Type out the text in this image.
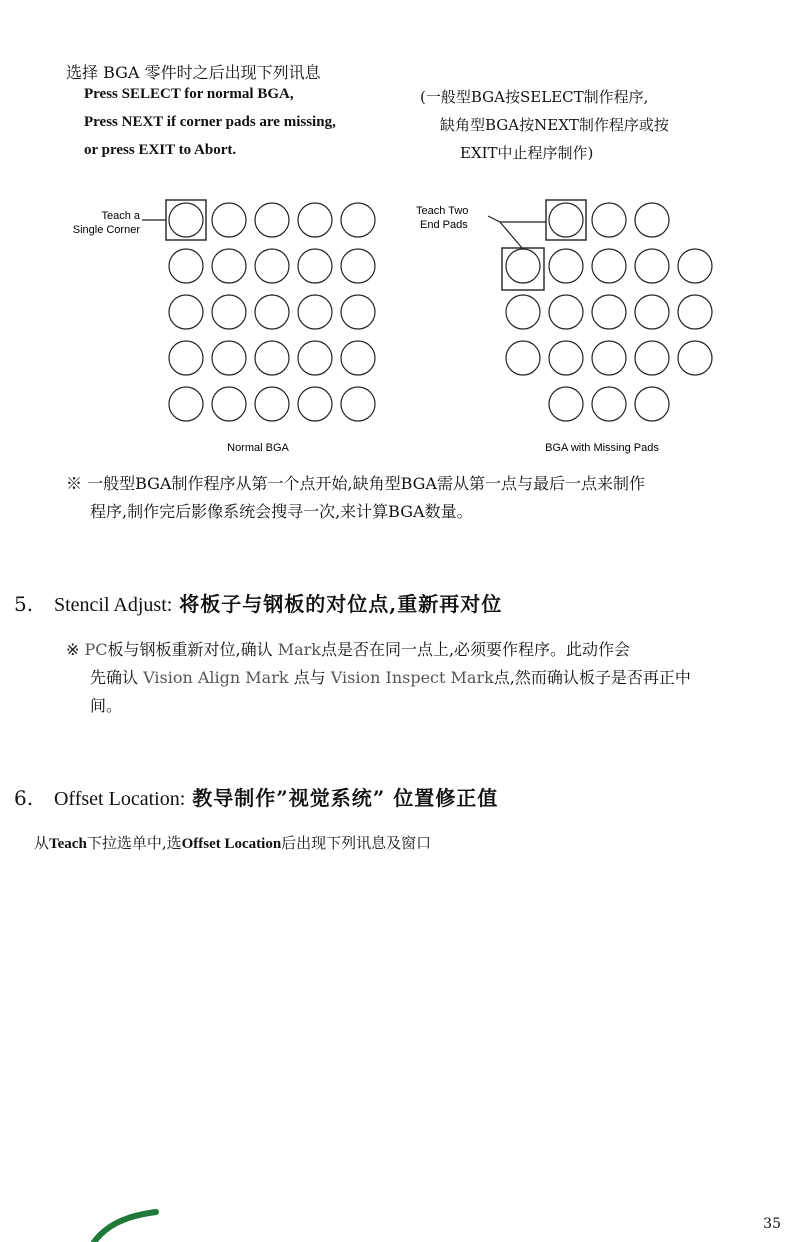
选择 BGA 零件时之后出现下列讯息
Press SELECT for normal BGA,
Press NEXT if corner pads are missing,
or press EXIT to Abort.
(一般型BGA按SELECT制作程序,
缺角型BGA按NEXT制作程序或按
EXIT中止程序制作)
Teach a
Single Corner
Teach Two
End Pads
Normal BGA	BGA with Missing Pads
※ 一般型BGA制作程序从第一个点开始,缺角型BGA需从第一点与最后一点来制作
程序,制作完后影像系统会搜寻一次,来计算BGA数量。
5. Stencil Adjust: 将板子与钢板的对位点,重新再对位
※ PC板与钢板重新对位,确认 Mark点是否在同一点上,必须要作程序。此动作会
先确认 Vision Align Mark 点与 Vision Inspect Mark点,然而确认板子是否再正中
间。
6. Offset Location: 教导制作”视觉系统” 位置修正值
从Teach下拉选单中,选Offset Location后出现下列讯息及窗口
35
